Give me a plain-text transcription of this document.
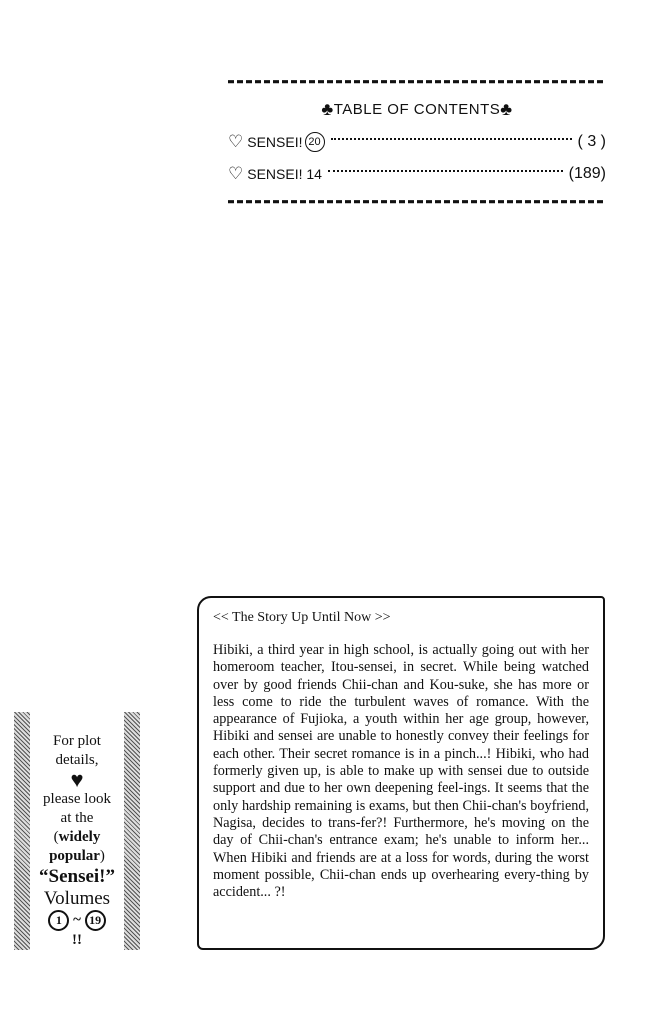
♣TABLE OF CONTENTS♣
♡ SENSEI! 20	( 3 )
♡ SENSEI! 14	(189)
For plot
details,
♥
please look
at the
(widely
popular)
“Sensei!”
Volumes
1 ~ 19
!!
<< The Story Up Until Now >>
Hibiki, a third year in high school, is actually going out with her homeroom teacher, Itou-sensei, in secret. While being watched over by good friends Chii-chan and Kou-suke, she has more or less come to ride the turbulent waves of romance. With the appearance of Fujioka, a youth within her age group, however, Hibiki and sensei are unable to honestly convey their feelings for each other. Their secret romance is in a pinch...! Hibiki, who had formerly given up, is able to make up with sensei due to outside support and due to her own deepening feel-ings. It seems that the only hardship remaining is exams, but then Chii-chan's boyfriend, Nagisa, decides to trans-fer?! Furthermore, he's moving on the day of Chii-chan's entrance exam; he's unable to inform her... When Hibiki and friends are at a loss for words, during the worst moment possible, Chii-chan ends up overhearing every-thing by accident... ?!
